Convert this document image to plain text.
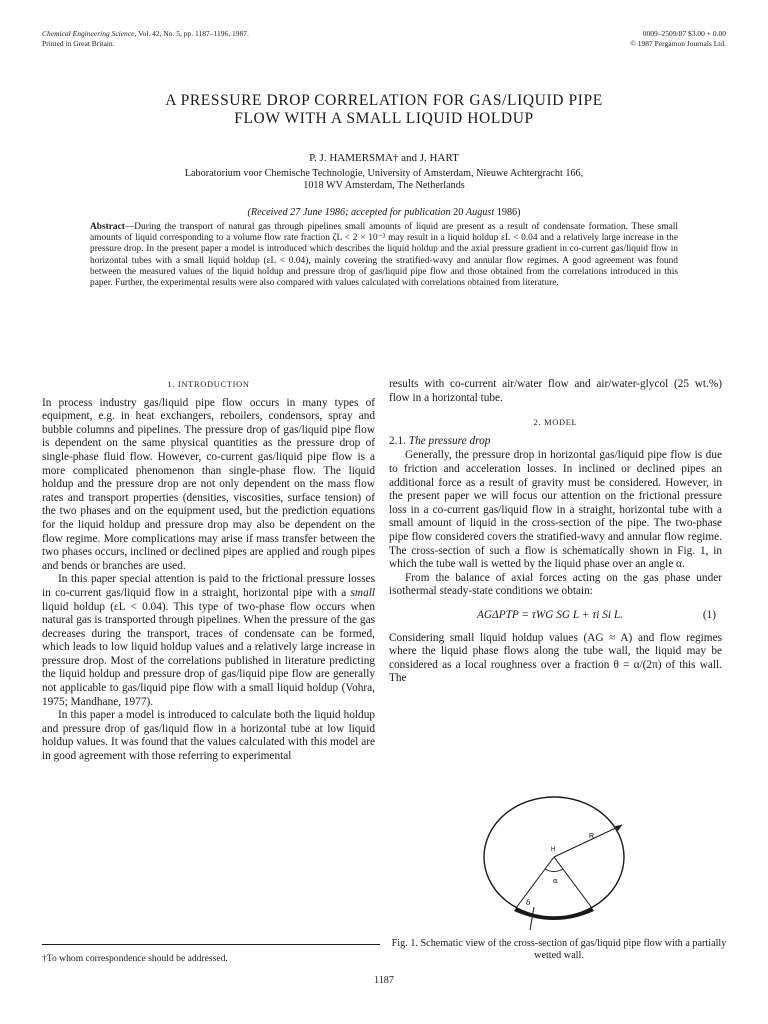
Chemical Engineering Science, Vol. 42, No. 5, pp. 1187–1196, 1987.
Printed in Great Britain.
0009–2509/87 $3.00 + 0.00
© 1987 Pergamon Journals Ltd.
A PRESSURE DROP CORRELATION FOR GAS/LIQUID PIPE
FLOW WITH A SMALL LIQUID HOLDUP
P. J. HAMERSMA† and J. HART
Laboratorium voor Chemische Technologie, University of Amsterdam, Nieuwe Achtergracht 166,
1018 WV Amsterdam, The Netherlands
(Received 27 June 1986; accepted for publication 20 August 1986)
Abstract—During the transport of natural gas through pipelines small amounts of liquid are present as a result of condensate formation. These small amounts of liquid corresponding to a volume flow rate fraction ζL < 2 × 10⁻³ may result in a liquid holdup εL < 0.04 and a relatively large increase in the pressure drop. In the present paper a model is introduced which describes the liquid holdup and the axial pressure gradient in co-current gas/liquid flow in horizontal tubes with a small liquid holdup (εL < 0.04), mainly covering the stratified-wavy and annular flow regimes. A good agreement was found between the measured values of the liquid holdup and pressure drop of gas/liquid pipe flow and those obtained from the correlations introduced in this paper. Further, the experimental results were also compared with values calculated with correlations obtained from literature.
1. INTRODUCTION

In process industry gas/liquid pipe flow occurs in many types of equipment, e.g. in heat exchangers, reboilers, condensors, spray and bubble columns and pipelines. The pressure drop of gas/liquid pipe flow is dependent on the same physical quantities as the pressure drop of single-phase fluid flow. However, co-current gas/liquid pipe flow is a more complicated phenomenon than single-phase flow. The liquid holdup and the pressure drop are not only dependent on the mass flow rates and transport properties (densities, viscosities, surface tension) of the two phases and on the equipment used, but the prediction equations for the liquid holdup and pressure drop may also be dependent on the flow regime. More complications may arise if mass transfer between the two phases occurs, inclined or declined pipes are applied and rough pipes and bends or branches are used.

In this paper special attention is paid to the frictional pressure losses in co-current gas/liquid flow in a straight, horizontal pipe with a small liquid holdup (εL < 0.04). This type of two-phase flow occurs when natural gas is transported through pipelines. When the pressure of the gas decreases during the transport, traces of condensate can be formed, which leads to low liquid holdup values and a relatively large increase in pressure drop. Most of the correlations published in literature predicting the liquid holdup and pressure drop of gas/liquid pipe flow are generally not applicable to gas/liquid pipe flow with a small liquid holdup (Vohra, 1975; Mandhane, 1977).

In this paper a model is introduced to calculate both the liquid holdup and pressure drop of gas/liquid flow in a horizontal tube at low liquid holdup values. It was found that the values calculated with this model are in good agreement with those referring to experimental

results with co-current air/water flow and air/water-glycol (25 wt.%) flow in a horizontal tube.

2. MODEL
2.1. The pressure drop

Generally, the pressure drop in horizontal gas/liquid pipe flow is due to friction and acceleration losses. In inclined or declined pipes an additional force as a result of gravity must be considered. However, in the present paper we will focus our attention on the frictional pressure loss in a co-current gas/liquid flow in a straight, horizontal tube with a small amount of liquid in the cross-section of the pipe. The two-phase pipe flow considered covers the stratified-wavy and annular flow regime. The cross-section of such a flow is schematically shown in Fig. 1, in which the tube wall is wetted by the liquid phase over an angle α.

From the balance of axial forces acting on the gas phase under isothermal steady-state conditions we obtain:

AGΔPTP = τWG SG L + τi Si L.	(1)

Considering small liquid holdup values (AG ≈ A) and flow regimes where the liquid phase flows along the tube wall, the liquid may be considered as a local roughness over a fraction θ = α/(2π) of this wall. The

R
H
α
δ
Fig. 1. Schematic view of the cross-section of gas/liquid pipe flow with a partially wetted wall.
†To whom correspondence should be addressed.
1187
